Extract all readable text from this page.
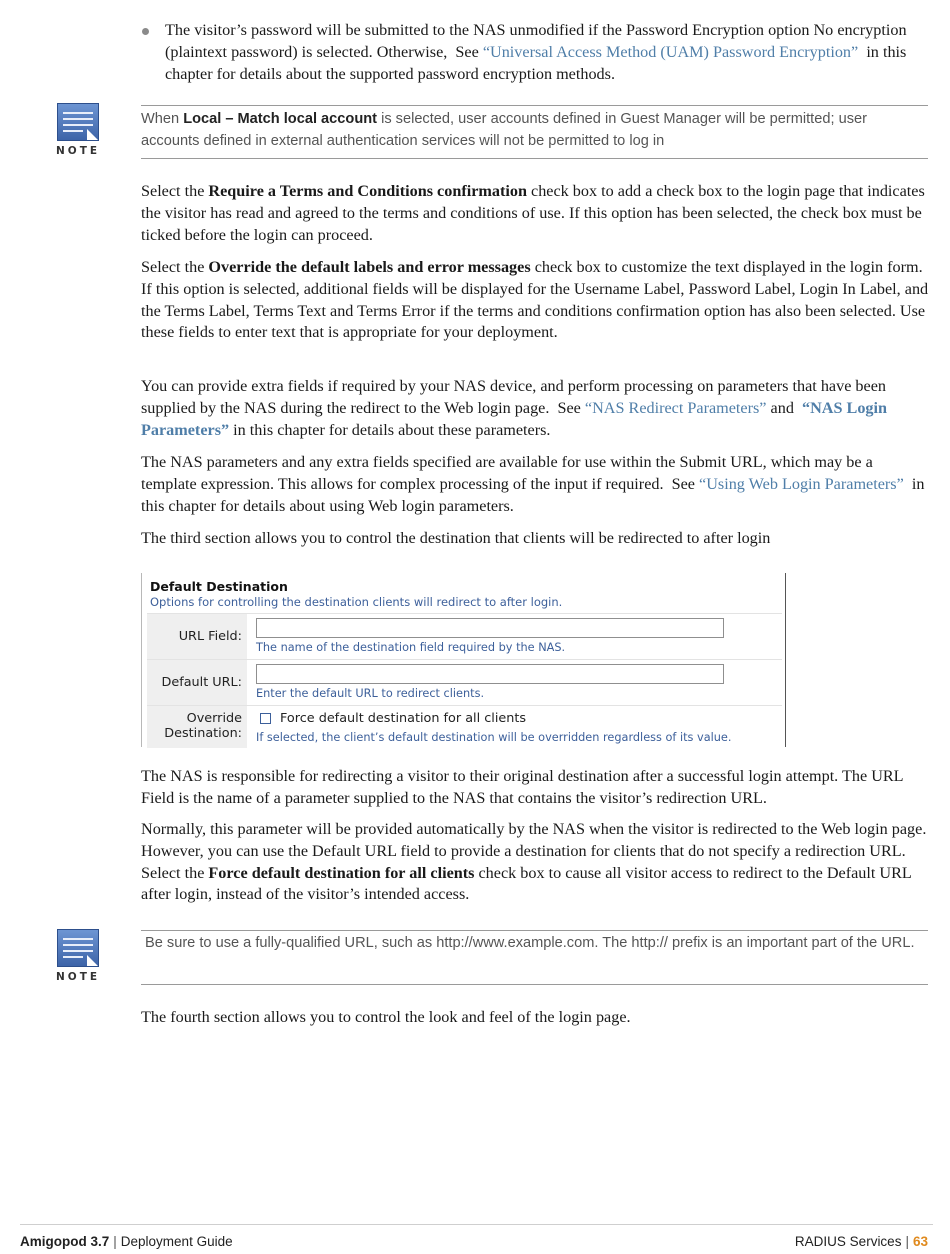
The visitor’s password will be submitted to the NAS unmodified if the Password Encryption option No encryption (plaintext password) is selected. Otherwise,  See “Universal Access Method (UAM) Password Encryption”  in this chapter for details about the supported password encryption methods.
NOTE
When Local – Match local account is selected, user accounts defined in Guest Manager will be permitted; user accounts defined in external authentication services will not be permitted to log in
Select the Require a Terms and Conditions confirmation check box to add a check box to the login page that indicates the visitor has read and agreed to the terms and conditions of use. If this option has been selected, the check box must be ticked before the login can proceed.
Select the Override the default labels and error messages check box to customize the text displayed in the login form. If this option is selected, additional fields will be displayed for the Username Label, Password Label, Login In Label, and the Terms Label, Terms Text and Terms Error if the terms and conditions confirmation option has also been selected. Use these fields to enter text that is appropriate for your deployment.
You can provide extra fields if required by your NAS device, and perform processing on parameters that have been supplied by the NAS during the redirect to the Web login page.  See “NAS Redirect Parameters” and  “NAS Login Parameters” in this chapter for details about these parameters.
The NAS parameters and any extra fields specified are available for use within the Submit URL, which may be a template expression. This allows for complex processing of the input if required.  See “Using Web Login Parameters”  in this chapter for details about using Web login parameters.
The third section allows you to control the destination that clients will be redirected to after login
Default Destination
Options for controlling the destination clients will redirect to after login.
URL Field:
The name of the destination field required by the NAS.
Default URL:
Enter the default URL to redirect clients.
Override
Destination:
Force default destination for all clients
If selected, the client’s default destination will be overridden regardless of its value.
The NAS is responsible for redirecting a visitor to their original destination after a successful login attempt. The URL Field is the name of a parameter supplied to the NAS that contains the visitor’s redirection URL.
Normally, this parameter will be provided automatically by the NAS when the visitor is redirected to the Web login page. However, you can use the Default URL field to provide a destination for clients that do not specify a redirection URL. Select the Force default destination for all clients check box to cause all visitor access to redirect to the Default URL after login, instead of the visitor’s intended access.
NOTE
Be sure to use a fully-qualified URL, such as http://www.example.com. The http:// prefix is an important part of the URL.
The fourth section allows you to control the look and feel of the login page.
Amigopod 3.7 | Deployment Guide	RADIUS Services | 63
